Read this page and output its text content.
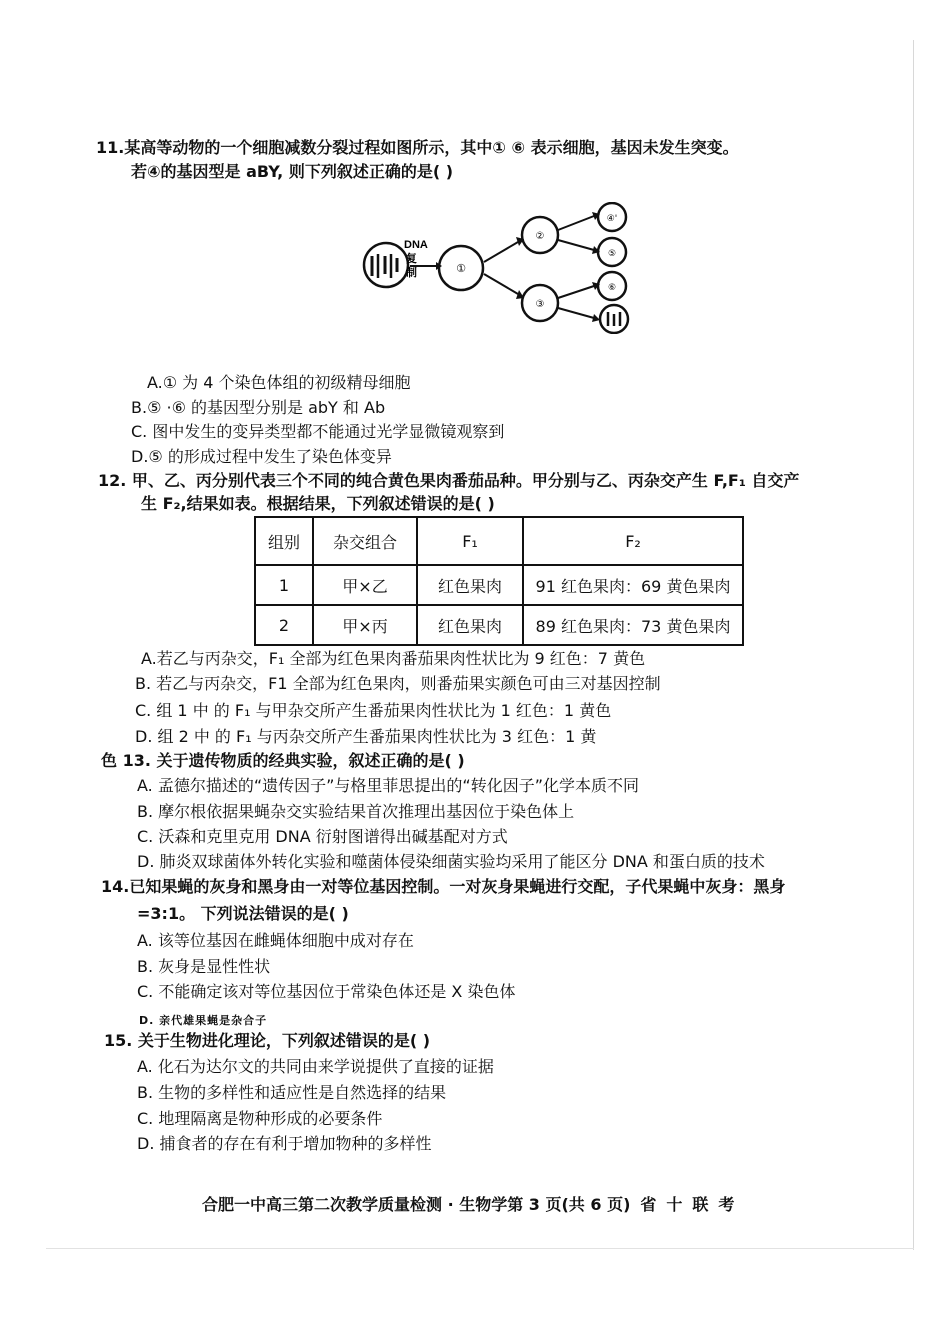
11.某高等动物的一个细胞减数分裂过程如图所示，其中① ⑥ 表示细胞，基因未发生突变。
若④的基因型是 aBY, 则下列叙述正确的是( )
DNA
复
制	①
②
③
④'
⑤
⑥
A.① 为 4 个染色体组的初级精母细胞
B.⑤ ·⑥ 的基因型分别是 abY 和 Ab
C. 图中发生的变异类型都不能通过光学显微镜观察到
D.⑤ 的形成过程中发生了染色体变异
12. 甲、乙、丙分别代表三个不同的纯合黄色果肉番茄品种。甲分别与乙、丙杂交产生 F,F₁ 自交产
生 F₂,结果如表。根据结果，下列叙述错误的是( )
组别	杂交组合	F₁	F₂
1	甲×乙	红色果肉	91 红色果肉：69 黄色果肉
2	甲×丙	红色果肉	89 红色果肉：73 黄色果肉
A.若乙与丙杂交，F₁ 全部为红色果肉番茄果肉性状比为 9 红色：7 黄色
B. 若乙与丙杂交，F1 全部为红色果肉，则番茄果实颜色可由三对基因控制
C. 组 1 中 的 F₁ 与甲杂交所产生番茄果肉性状比为 1 红色：1 黄色
D. 组 2 中 的 F₁ 与丙杂交所产生番茄果肉性状比为 3 红色：1 黄
色 13. 关于遗传物质的经典实验，叙述正确的是( )
A. 孟德尔描述的“遗传因子”与格里菲思提出的“转化因子”化学本质不同
B. 摩尔根依据果蝇杂交实验结果首次推理出基因位于染色体上
C. 沃森和克里克用 DNA 衍射图谱得出碱基配对方式
D. 肺炎双球菌体外转化实验和噬菌体侵染细菌实验均采用了能区分 DNA 和蛋白质的技术
14.已知果蝇的灰身和黑身由一对等位基因控制。一对灰身果蝇进行交配，子代果蝇中灰身：黑身
=3:1。 下列说法错误的是( )
A. 该等位基因在雌蝇体细胞中成对存在
B. 灰身是显性性状
C. 不能确定该对等位基因位于常染色体还是 X 染色体
D. 亲代雄果蝇是杂合子
15. 关于生物进化理论，下列叙述错误的是( )
A. 化石为达尔文的共同由来学说提供了直接的证据
B. 生物的多样性和适应性是自然选择的结果
C. 地理隔离是物种形成的必要条件
D. 捕食者的存在有利于增加物种的多样性
合肥一中高三第二次教学质量检测 · 生物学第 3 页(共 6 页) 省十联考
